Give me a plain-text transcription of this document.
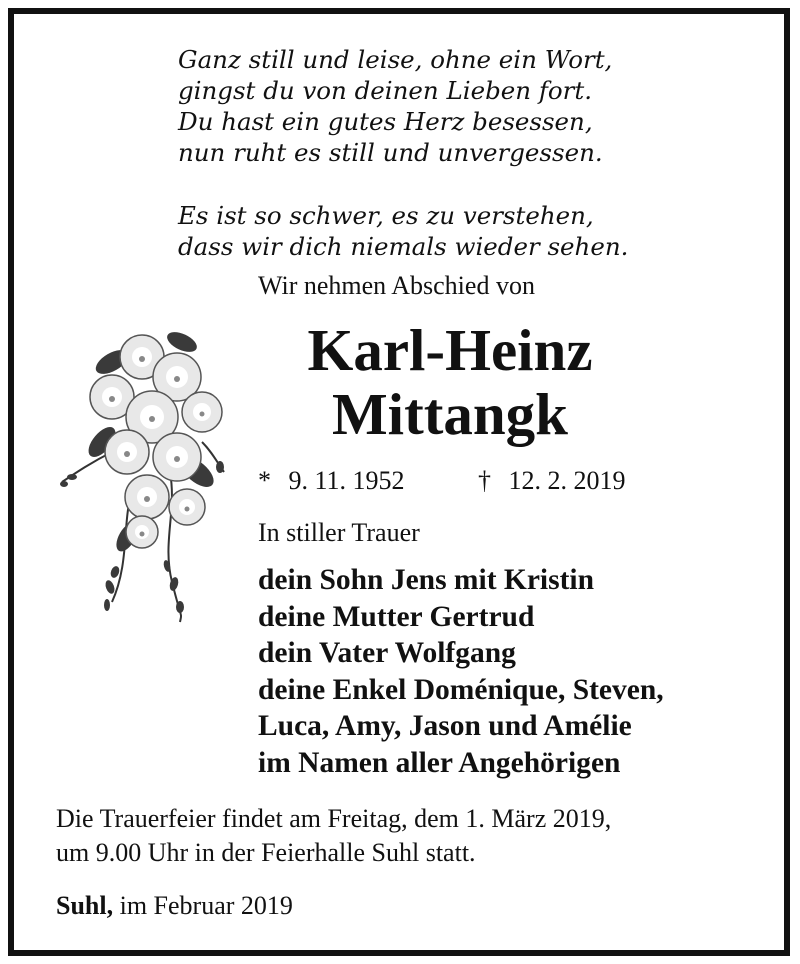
Ganz still und leise, ohne ein Wort,
gingst du von deinen Lieben fort.
Du hast ein gutes Herz besessen,
nun ruht es still und unvergessen.

Es ist so schwer, es zu verstehen,
dass wir dich niemals wieder sehen.

Wir nehmen Abschied von
Karl-Heinz
Mittangk
* 9. 11. 1952	† 12. 2. 2019
In stiller Trauer
dein Sohn Jens mit Kristin
deine Mutter Gertrud
dein Vater Wolfgang
deine Enkel Doménique, Steven,
Luca, Amy, Jason und Amélie
im Namen aller Angehörigen
Die Trauerfeier findet am Freitag, dem 1. März 2019,
um 9.00 Uhr in der Feierhalle Suhl statt.
Suhl, im Februar 2019
